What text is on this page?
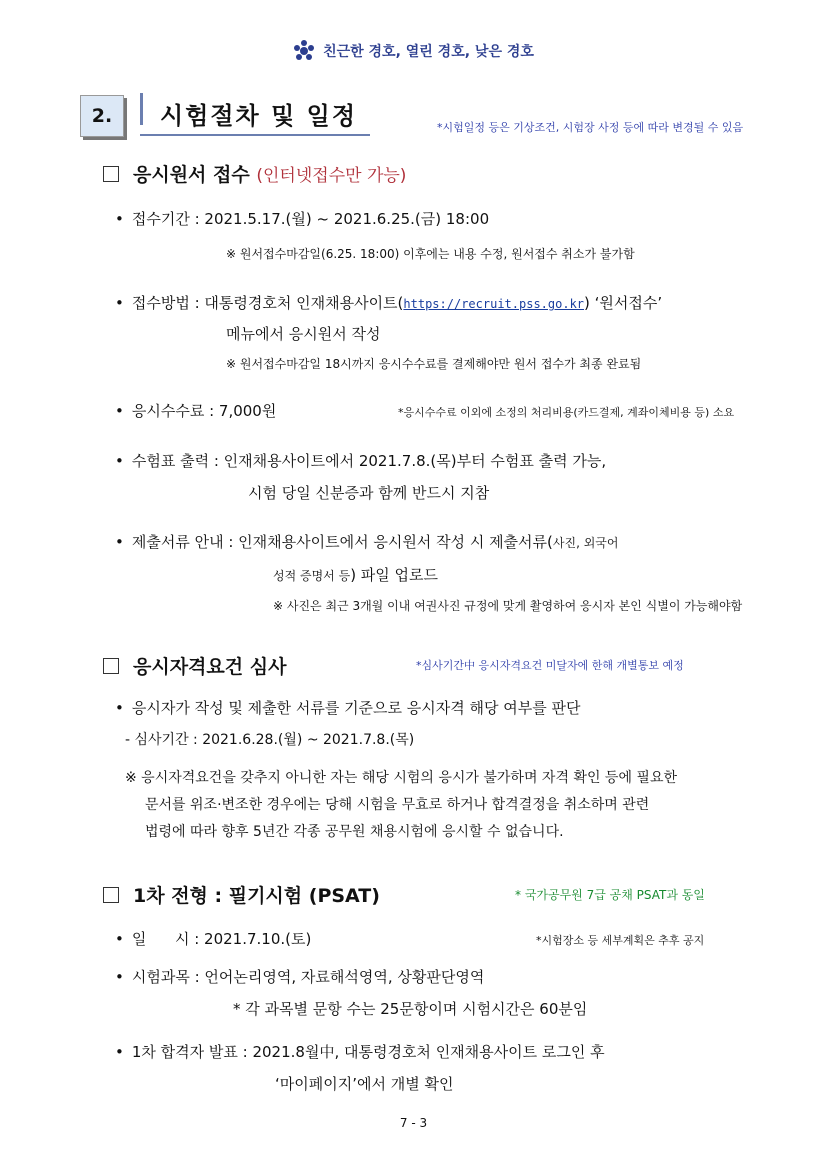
친근한 경호, 열린 경호, 낮은 경호
2.	시험절차 및 일정	*시험일정 등은 기상조건, 시험장 사정 등에 따라 변경될 수 있음
응시원서 접수 (인터넷접수만 가능)
• 접수기간 : 2021.5.17.(월) ~ 2021.6.25.(금) 18:00
※ 원서접수마감일(6.25. 18:00) 이후에는 내용 수정, 원서접수 취소가 불가함
• 접수방법 : 대통령경호처 인재채용사이트(https://recruit.pss.go.kr) ‘원서접수’
메뉴에서 응시원서 작성
※ 원서접수마감일 18시까지 응시수수료를 결제해야만 원서 접수가 최종 완료됨
• 응시수수료 : 7,000원	*응시수수료 이외에 소정의 처리비용(카드결제, 계좌이체비용 등) 소요
• 수험표 출력 : 인재채용사이트에서 2021.7.8.(목)부터 수험표 출력 가능,
시험 당일 신분증과 함께 반드시 지참
• 제출서류 안내 : 인재채용사이트에서 응시원서 작성 시 제출서류(사진, 외국어
성적 증명서 등) 파일 업로드
※ 사진은 최근 3개월 이내 여권사진 규정에 맞게 촬영하여 응시자 본인 식별이 가능해야함
응시자격요건 심사	*심사기간中 응시자격요건 미달자에 한해 개별통보 예정
• 응시자가 작성 및 제출한 서류를 기준으로 응시자격 해당 여부를 판단
- 심사기간 : 2021.6.28.(월) ~ 2021.7.8.(목)
※ 응시자격요건을 갖추지 아니한 자는 해당 시험의 응시가 불가하며 자격 확인 등에 필요한
문서를 위조·변조한 경우에는 당해 시험을 무효로 하거나 합격결정을 취소하며 관련
법령에 따라 향후 5년간 각종 공무원 채용시험에 응시할 수 없습니다.
1차 전형 : 필기시험 (PSAT)	* 국가공무원 7급 공채 PSAT과 동일
• 일      시 : 2021.7.10.(토)	*시험장소 등 세부계획은 추후 공지
• 시험과목 : 언어논리영역, 자료해석영역, 상황판단영역
* 각 과목별 문항 수는 25문항이며 시험시간은 60분임
• 1차 합격자 발표 : 2021.8월中, 대통령경호처 인재채용사이트 로그인 후
‘마이페이지’에서 개별 확인
7 - 3
